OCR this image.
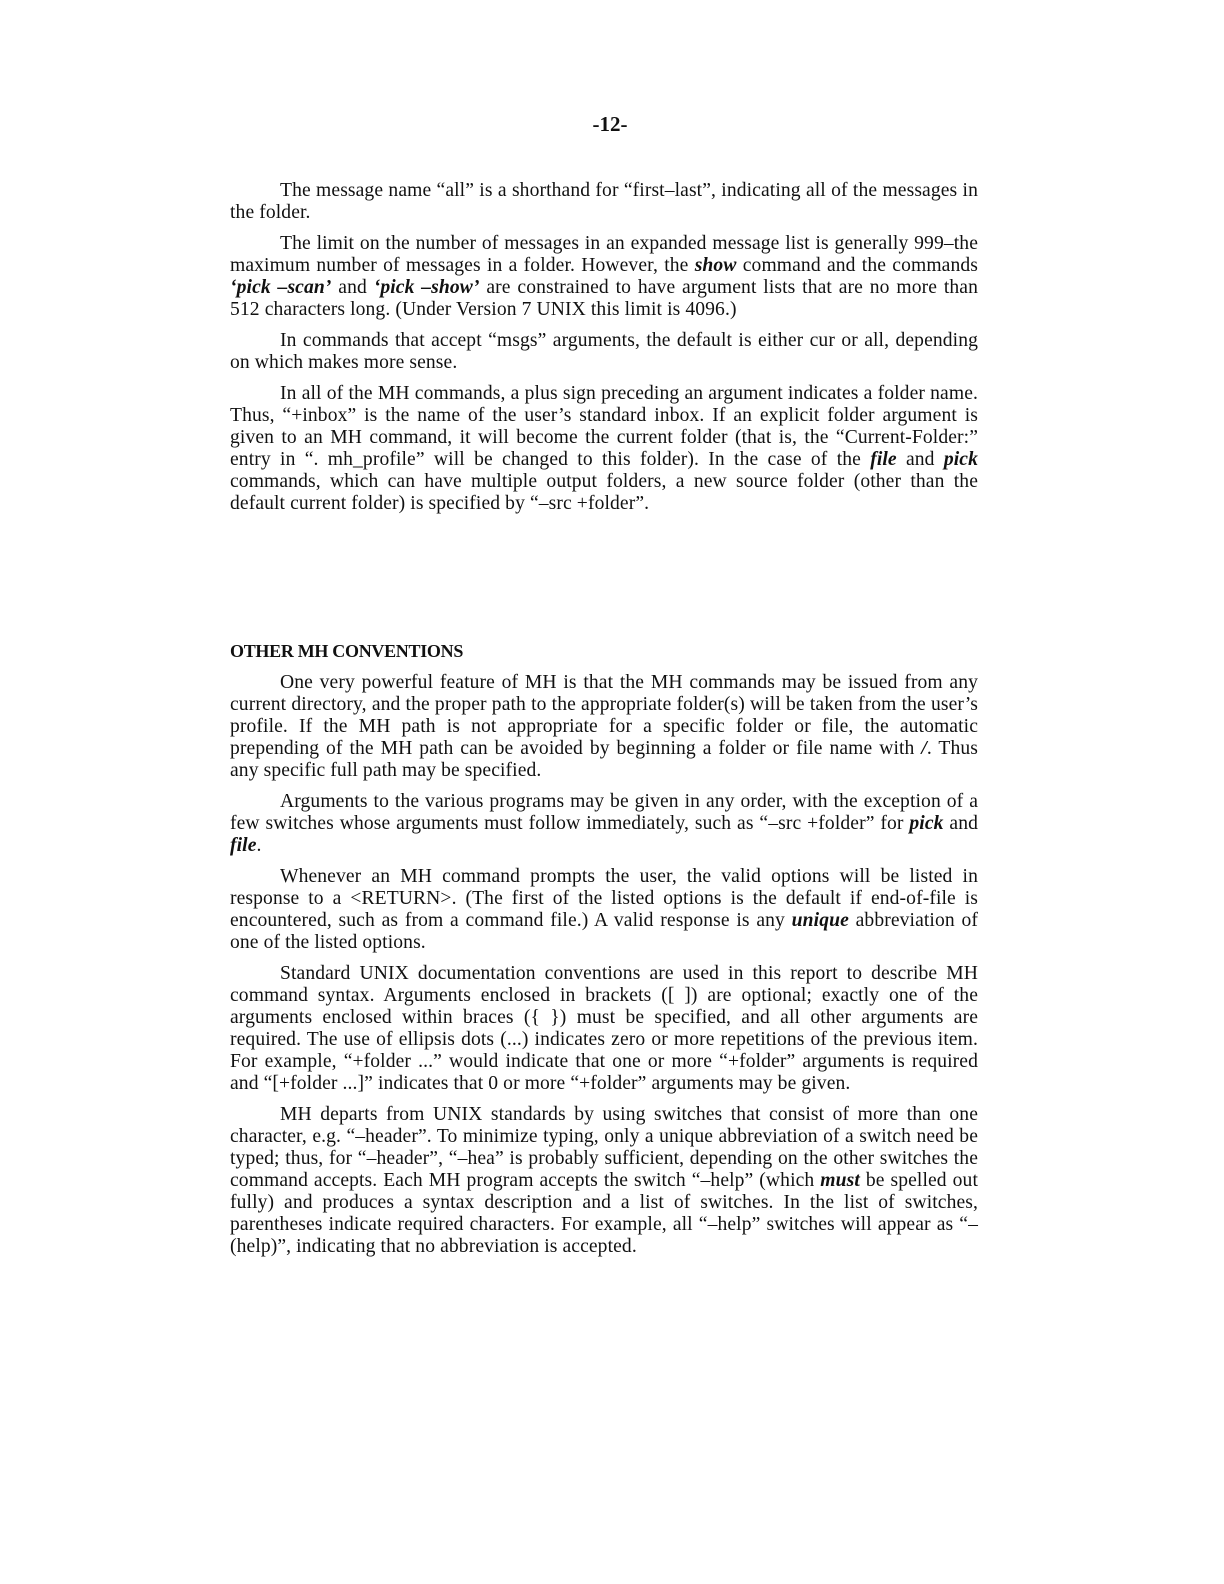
-12-

The message name “all” is a shorthand for “first–last”, indicating all of the messages in the folder.

The limit on the number of messages in an expanded message list is generally 999–the maximum number of messages in a folder. However, the show command and the commands ‘pick –scan’ and ‘pick –show’ are constrained to have argument lists that are no more than 512 characters long. (Under Version 7 UNIX this limit is 4096.)

In commands that accept “msgs” arguments, the default is either cur or all, depending on which makes more sense.

In all of the MH commands, a plus sign preceding an argument indicates a folder name. Thus, “+inbox” is the name of the user’s standard inbox. If an explicit folder argument is given to an MH command, it will become the current folder (that is, the “Current-Folder:” entry in “. mh_profile” will be changed to this folder). In the case of the file and pick commands, which can have multiple output folders, a new source folder (other than the default current folder) is specified by “–src +folder”.

OTHER MH CONVENTIONS

One very powerful feature of MH is that the MH commands may be issued from any current directory, and the proper path to the appropriate folder(s) will be taken from the user’s profile. If the MH path is not appropriate for a specific folder or file, the automatic prepending of the MH path can be avoided by beginning a folder or file name with /. Thus any specific full path may be specified.

Arguments to the various programs may be given in any order, with the exception of a few switches whose arguments must follow immediately, such as “–src +folder” for pick and file.

Whenever an MH command prompts the user, the valid options will be listed in response to a <RETURN>. (The first of the listed options is the default if end-of-file is encountered, such as from a command file.) A valid response is any unique abbreviation of one of the listed options.

Standard UNIX documentation conventions are used in this report to describe MH command syntax. Arguments enclosed in brackets ([ ]) are optional; exactly one of the arguments enclosed within braces ({ }) must be specified, and all other arguments are required. The use of ellipsis dots (...) indicates zero or more repetitions of the previous item. For example, “+folder ...” would indicate that one or more “+folder” arguments is required and “[+folder ...]” indicates that 0 or more “+folder” arguments may be given.

MH departs from UNIX standards by using switches that consist of more than one character, e.g. “–header”. To minimize typing, only a unique abbreviation of a switch need be typed; thus, for “–header”, “–hea” is probably sufficient, depending on the other switches the command accepts. Each MH program accepts the switch “–help” (which must be spelled out fully) and produces a syntax description and a list of switches. In the list of switches, parentheses indicate required characters. For example, all “–help” switches will appear as “–(help)”, indicating that no abbreviation is accepted.
